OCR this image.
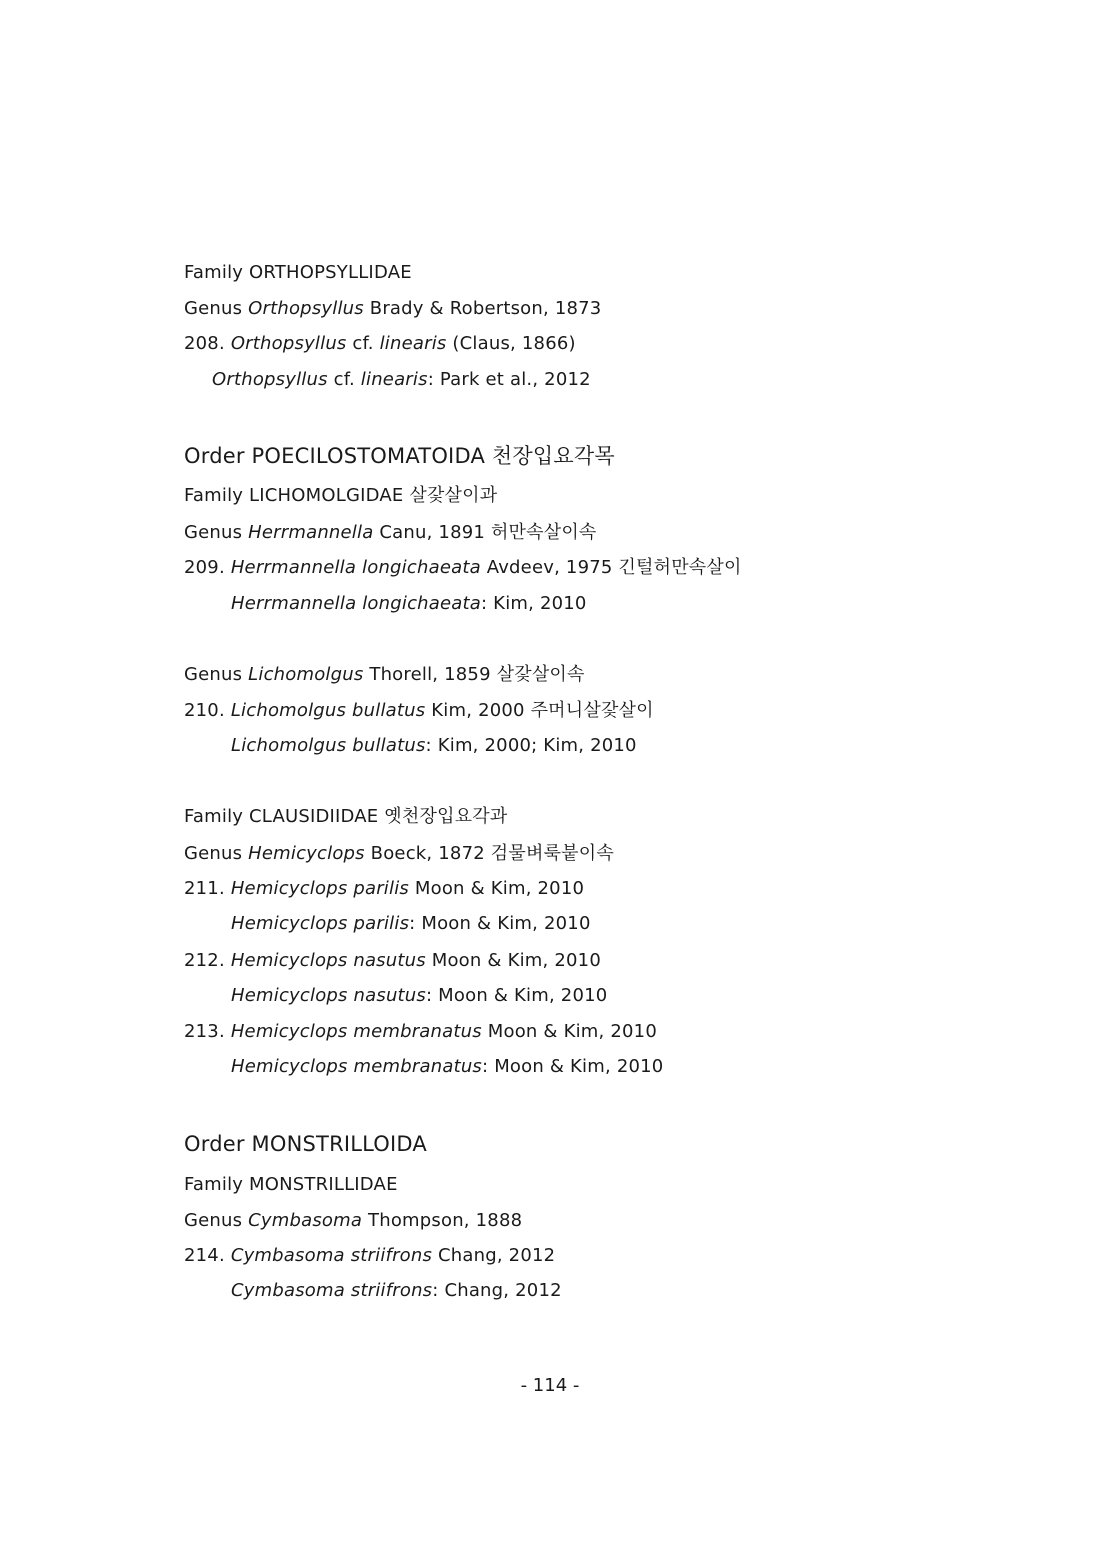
Family ORTHOPSYLLIDAE
Genus Orthopsyllus Brady & Robertson, 1873
208. Orthopsyllus cf. linearis (Claus, 1866)
Orthopsyllus cf. linearis: Park et al., 2012
Order POECILOSTOMATOIDA 천장입요각목
Family LICHOMOLGIDAE 살갗살이과
Genus Herrmannella Canu, 1891 허만속살이속
209. Herrmannella longichaeata Avdeev, 1975 긴털허만속살이
Herrmannella longichaeata: Kim, 2010
Genus Lichomolgus Thorell, 1859 살갗살이속
210. Lichomolgus bullatus Kim, 2000 주머니살갗살이
Lichomolgus bullatus: Kim, 2000; Kim, 2010
Family CLAUSIDIIDAE 옛천장입요각과
Genus Hemicyclops Boeck, 1872 검물벼룩붙이속
211. Hemicyclops parilis Moon & Kim, 2010
Hemicyclops parilis: Moon & Kim, 2010
212. Hemicyclops nasutus Moon & Kim, 2010
Hemicyclops nasutus: Moon & Kim, 2010
213. Hemicyclops membranatus Moon & Kim, 2010
Hemicyclops membranatus: Moon & Kim, 2010
Order MONSTRILLOIDA
Family MONSTRILLIDAE
Genus Cymbasoma Thompson, 1888
214. Cymbasoma striifrons Chang, 2012
Cymbasoma striifrons: Chang, 2012
- 114 -
